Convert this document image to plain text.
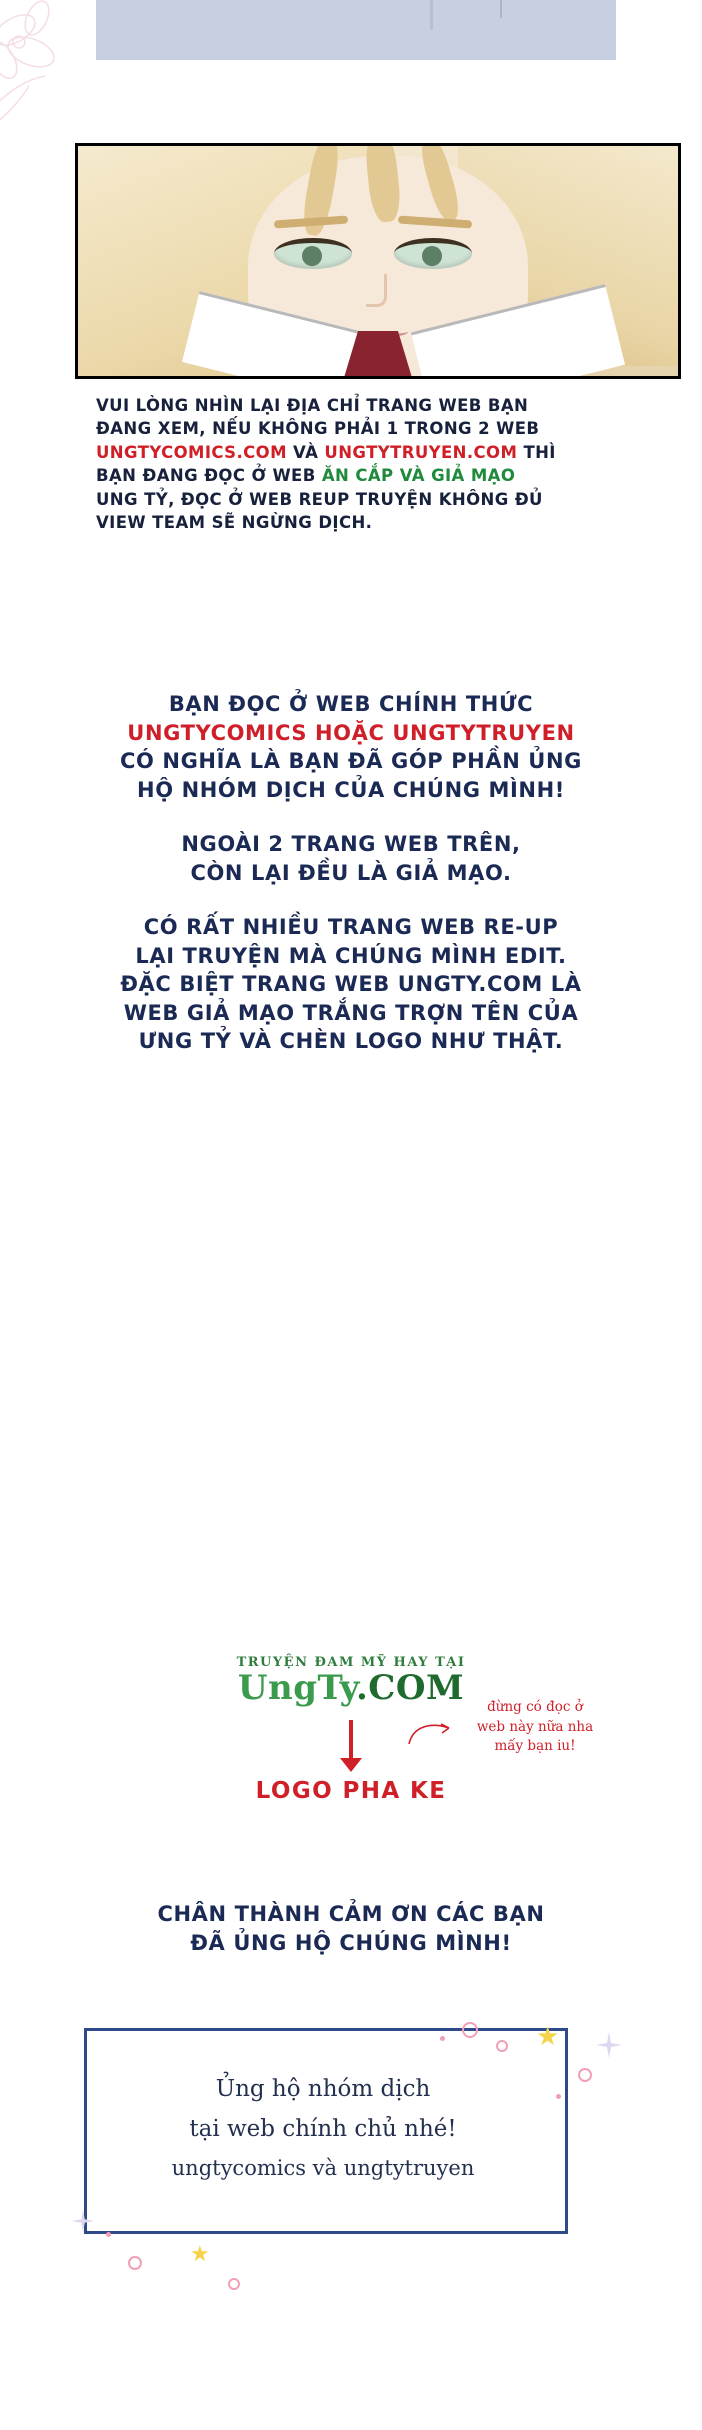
VUI LÒNG NHÌN LẠI ĐỊA CHỈ TRANG WEB BẠN
ĐANG XEM, NẾU KHÔNG PHẢI 1 TRONG 2 WEB
UNGTYCOMICS.COM VÀ UNGTYTRUYEN.COM THÌ
BẠN ĐANG ĐỌC Ở WEB ĂN CẮP VÀ GIẢ MẠO
UNG TỶ, ĐỌC Ở WEB REUP TRUYỆN KHÔNG ĐỦ
VIEW TEAM SẼ NGỪNG DỊCH.

BẠN ĐỌC Ở WEB CHÍNH THỨC

UNGTYCOMICS HOẶC UNGTYTRUYEN

CÓ NGHĨA LÀ BẠN ĐÃ GÓP PHẦN ỦNG

HỘ NHÓM DỊCH CỦA CHÚNG MÌNH!

NGOÀI 2 TRANG WEB TRÊN,

CÒN LẠI ĐỀU LÀ GIẢ MẠO.

CÓ RẤT NHIỀU TRANG WEB RE-UP

LẠI TRUYỆN MÀ CHÚNG MÌNH EDIT.

ĐẶC BIỆT TRANG WEB UNGTY.COM LÀ

WEB GIẢ MẠO TRẮNG TRỢN TÊN CỦA

ƯNG TỶ VÀ CHÈN LOGO NHƯ THẬT.

TRUYỆN ĐAM MỸ HAY TẠI
UngTy.COM
LOGO PHA KE
đừng có đọc ở
web này nữa nha
mấy bạn iu!

CHÂN THÀNH CẢM ƠN CÁC BẠN

ĐÃ ỦNG HỘ CHÚNG MÌNH!

Ủng hộ nhóm dịch
tại web chính chủ nhé!
ungtycomics và ungtytruyen
★
★
